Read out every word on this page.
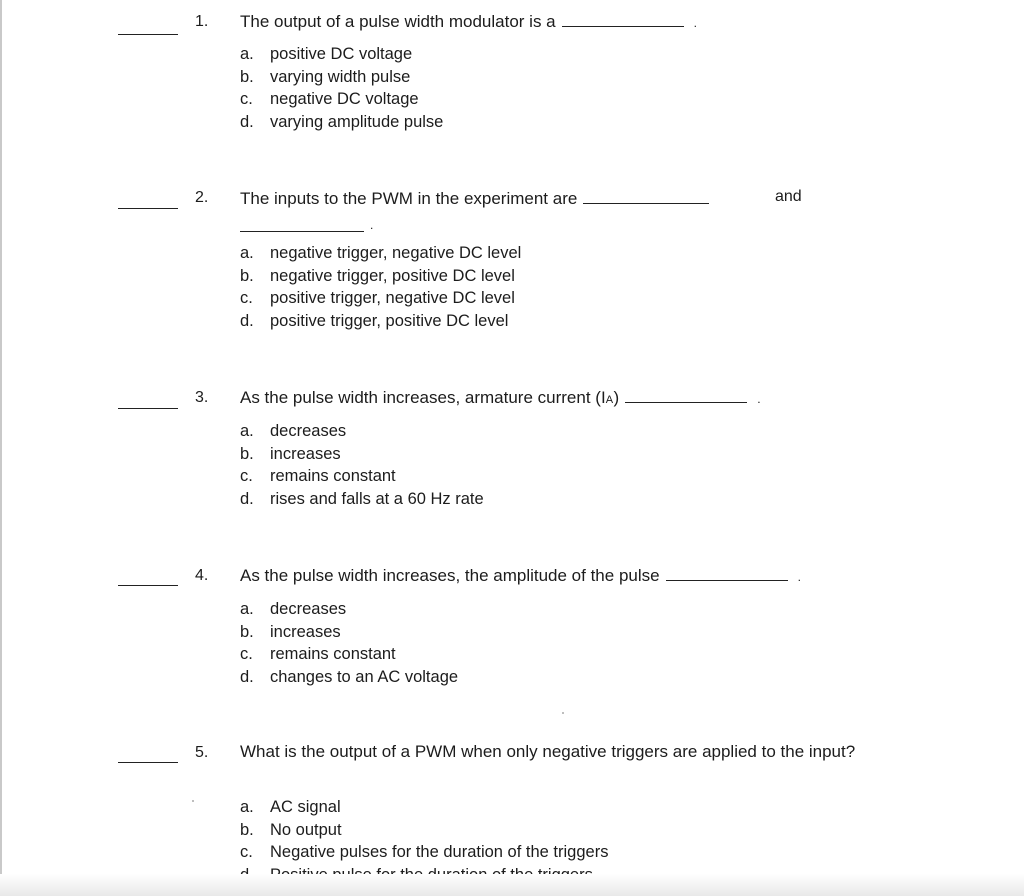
1. The output of a pulse width modulator is a	.
a. positive DC voltage
b. varying width pulse
c. negative DC voltage
d. varying amplitude pulse
2. The inputs to the PWM in the experiment are	and
.
a. negative trigger, negative DC level
b. negative trigger, positive DC level
c. positive trigger, negative DC level
d. positive trigger, positive DC level
3. As the pulse width increases, armature current (IA)	.
a. decreases
b. increases
c. remains constant
d. rises and falls at a 60 Hz rate
4. As the pulse width increases, the amplitude of the pulse	.
a. decreases
b. increases
c. remains constant
d. changes to an AC voltage
5. What is the output of a PWM when only negative triggers are applied to the input?
a. AC signal
b. No output
c. Negative pulses for the duration of the triggers
